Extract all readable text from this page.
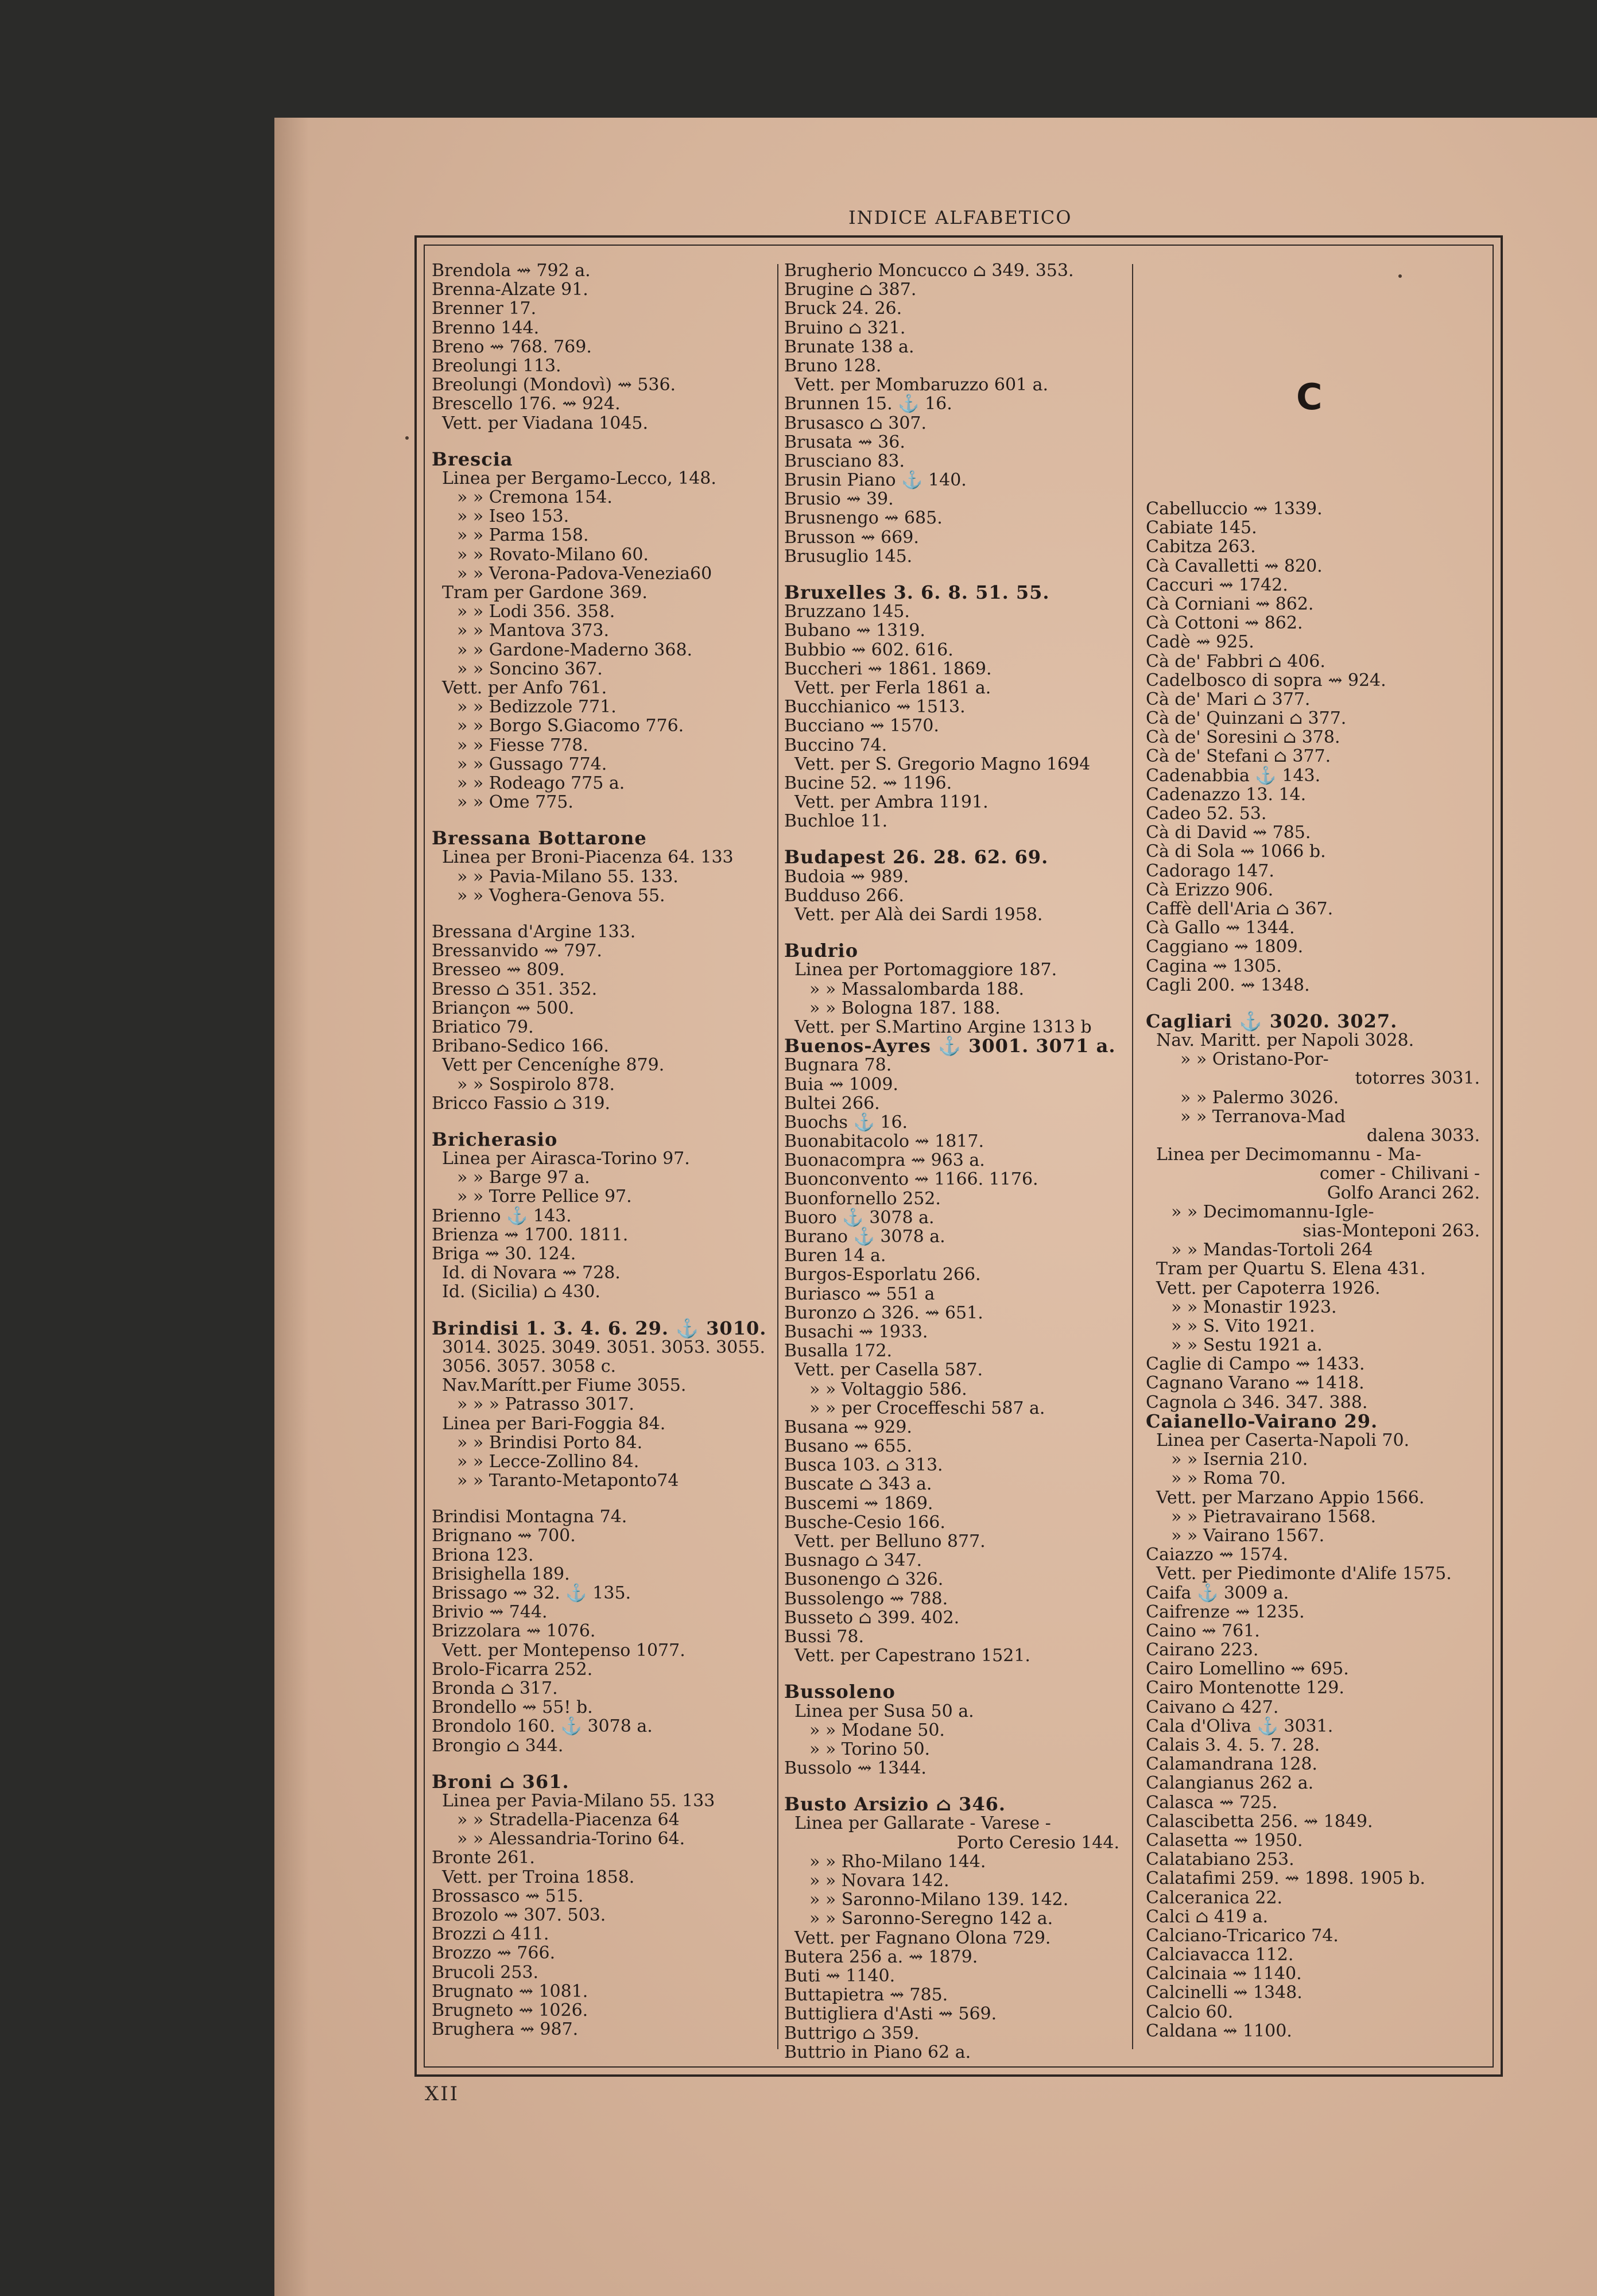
INDICE ALFABETICO
C
Brendola ⇝ 792 a.
Brenna-Alzate 91.
Brenner 17.
Brenno 144.
Breno ⇝ 768. 769.
Breolungi 113.
Breolungi (Mondovì) ⇝ 536.
Brescello 176. ⇝ 924.
Vett. per Viadana 1045.
Brescia
Linea per Bergamo-Lecco, 148.
» » Cremona 154.
» » Iseo 153.
» » Parma 158.
» » Rovato-Milano 60.
» » Verona-Padova-Venezia60
Tram per Gardone 369.
» » Lodi 356. 358.
» » Mantova 373.
» » Gardone-Maderno 368.
» » Soncino 367.
Vett. per Anfo 761.
» » Bedizzole 771.
» » Borgo S.Giacomo 776.
» » Fiesse 778.
» » Gussago 774.
» » Rodeago 775 a.
» » Ome 775.
Bressana Bottarone
Linea per Broni-Piacenza 64. 133
» » Pavia-Milano 55. 133.
» » Voghera-Genova 55.
Bressana d'Argine 133.
Bressanvido ⇝ 797.
Bresseo ⇝ 809.
Bresso ⌂ 351. 352.
Briançon ⇝ 500.
Briatico 79.
Bribano-Sedico 166.
Vett per Cenceníghe 879.
» » Sospirolo 878.
Bricco Fassio ⌂ 319.
Bricherasio
Linea per Airasca-Torino 97.
» » Barge 97 a.
» » Torre Pellice 97.
Brienno ⚓ 143.
Brienza ⇝ 1700. 1811.
Briga ⇝ 30. 124.
Id. di Novara ⇝ 728.
Id. (Sicilia) ⌂ 430.
Brindisi 1. 3. 4. 6. 29. ⚓ 3010.
3014. 3025. 3049. 3051. 3053. 3055.
3056. 3057. 3058 c.
Nav.Marítt.per Fiume 3055.
» » » Patrasso 3017.
Linea per Bari-Foggia 84.
» » Brindisi Porto 84.
» » Lecce-Zollino 84.
» » Taranto-Metaponto74
Brindisi Montagna 74.
Brignano ⇝ 700.
Briona 123.
Brisighella 189.
Brissago ⇝ 32. ⚓ 135.
Brivio ⇝ 744.
Brizzolara ⇝ 1076.
Vett. per Montepenso 1077.
Brolo-Ficarra 252.
Bronda ⌂ 317.
Brondello ⇝ 55! b.
Brondolo 160. ⚓ 3078 a.
Brongio ⌂ 344.
Broni ⌂ 361.
Linea per Pavia-Milano 55. 133
» » Stradella-Piacenza 64
» » Alessandria-Torino 64.
Bronte 261.
Vett. per Troina 1858.
Brossasco ⇝ 515.
Brozolo ⇝ 307. 503.
Brozzi ⌂ 411.
Brozzo ⇝ 766.
Brucoli 253.
Brugnato ⇝ 1081.
Brugneto ⇝ 1026.
Brughera ⇝ 987.
Brugherio Moncucco ⌂ 349. 353.
Brugine ⌂ 387.
Bruck 24. 26.
Bruino ⌂ 321.
Brunate 138 a.
Bruno 128.
Vett. per Mombaruzzo 601 a.
Brunnen 15. ⚓ 16.
Brusasco ⌂ 307.
Brusata ⇝ 36.
Brusciano 83.
Brusin Piano ⚓ 140.
Brusio ⇝ 39.
Brusnengo ⇝ 685.
Brusson ⇝ 669.
Brusuglio 145.
Bruxelles 3. 6. 8. 51. 55.
Bruzzano 145.
Bubano ⇝ 1319.
Bubbio ⇝ 602. 616.
Buccheri ⇝ 1861. 1869.
Vett. per Ferla 1861 a.
Bucchianico ⇝ 1513.
Bucciano ⇝ 1570.
Buccino 74.
Vett. per S. Gregorio Magno 1694
Bucine 52. ⇝ 1196.
Vett. per Ambra 1191.
Buchloe 11.
Budapest 26. 28. 62. 69.
Budoia ⇝ 989.
Budduso 266.
Vett. per Alà dei Sardi 1958.
Budrio
Linea per Portomaggiore 187.
» » Massalombarda 188.
» » Bologna 187. 188.
Vett. per S.Martino Argine 1313 b
Buenos-Ayres ⚓ 3001. 3071 a.
Bugnara 78.
Buia ⇝ 1009.
Bultei 266.
Buochs ⚓ 16.
Buonabitacolo ⇝ 1817.
Buonacompra ⇝ 963 a.
Buonconvento ⇝ 1166. 1176.
Buonfornello 252.
Buoro ⚓ 3078 a.
Burano ⚓ 3078 a.
Buren 14 a.
Burgos-Esporlatu 266.
Buriasco ⇝ 551 a
Buronzo ⌂ 326. ⇝ 651.
Busachi ⇝ 1933.
Busalla 172.
Vett. per Casella 587.
» » Voltaggio 586.
» » per Croceffeschi 587 a.
Busana ⇝ 929.
Busano ⇝ 655.
Busca 103. ⌂ 313.
Buscate ⌂ 343 a.
Buscemi ⇝ 1869.
Busche-Cesio 166.
Vett. per Belluno 877.
Busnago ⌂ 347.
Busonengo ⌂ 326.
Bussolengo ⇝ 788.
Busseto ⌂ 399. 402.
Bussi 78.
Vett. per Capestrano 1521.
Bussoleno
Linea per Susa 50 a.
» » Modane 50.
» » Torino 50.
Bussolo ⇝ 1344.
Busto Arsizio ⌂ 346.
Linea per Gallarate - Varese -
Porto Ceresio 144.
» » Rho-Milano 144.
» » Novara 142.
» » Saronno-Milano 139. 142.
» » Saronno-Seregno 142 a.
Vett. per Fagnano Olona 729.
Butera 256 a. ⇝ 1879.
Buti ⇝ 1140.
Buttapietra ⇝ 785.
Buttigliera d'Asti ⇝ 569.
Buttrigo ⌂ 359.
Buttrio in Piano 62 a.
Cabelluccio ⇝ 1339.
Cabiate 145.
Cabitza 263.
Cà Cavalletti ⇝ 820.
Caccuri ⇝ 1742.
Cà Corniani ⇝ 862.
Cà Cottoni ⇝ 862.
Cadè ⇝ 925.
Cà de' Fabbri ⌂ 406.
Cadelbosco di sopra ⇝ 924.
Cà de' Mari ⌂ 377.
Cà de' Quinzani ⌂ 377.
Cà de' Soresini ⌂ 378.
Cà de' Stefani ⌂ 377.
Cadenabbia ⚓ 143.
Cadenazzo 13. 14.
Cadeo 52. 53.
Cà di David ⇝ 785.
Cà di Sola ⇝ 1066 b.
Cadorago 147.
Cà Erizzo 906.
Caffè dell'Aria ⌂ 367.
Cà Gallo ⇝ 1344.
Caggiano ⇝ 1809.
Cagina ⇝ 1305.
Cagli 200. ⇝ 1348.
Cagliari ⚓ 3020. 3027.
Nav. Maritt. per Napoli 3028.
» » Oristano-Por-
totorres 3031.
» » Palermo 3026.
» » Terranova-Mad
dalena 3033.
Linea per Decimomannu - Ma-
comer - Chilivani -
Golfo Aranci 262.
» » Decimomannu-Igle-
sias-Monteponi 263.
» » Mandas-Tortoli 264
Tram per Quartu S. Elena 431.
Vett. per Capoterra 1926.
» » Monastir 1923.
» » S. Vito 1921.
» » Sestu 1921 a.
Caglie di Campo ⇝ 1433.
Cagnano Varano ⇝ 1418.
Cagnola ⌂ 346. 347. 388.
Caianello-Vairano 29.
Linea per Caserta-Napoli 70.
» » Isernia 210.
» » Roma 70.
Vett. per Marzano Appio 1566.
» » Pietravairano 1568.
» » Vairano 1567.
Caiazzo ⇝ 1574.
Vett. per Piedimonte d'Alife 1575.
Caifa ⚓ 3009 a.
Caifrenze ⇝ 1235.
Caino ⇝ 761.
Cairano 223.
Cairo Lomellino ⇝ 695.
Cairo Montenotte 129.
Caivano ⌂ 427.
Cala d'Oliva ⚓ 3031.
Calais 3. 4. 5. 7. 28.
Calamandrana 128.
Calangianus 262 a.
Calasca ⇝ 725.
Calascibetta 256. ⇝ 1849.
Calasetta ⇝ 1950.
Calatabiano 253.
Calatafimi 259. ⇝ 1898. 1905 b.
Calceranica 22.
Calci ⌂ 419 a.
Calciano-Tricarico 74.
Calciavacca 112.
Calcinaia ⇝ 1140.
Calcinelli ⇝ 1348.
Calcio 60.
Caldana ⇝ 1100.
XII
